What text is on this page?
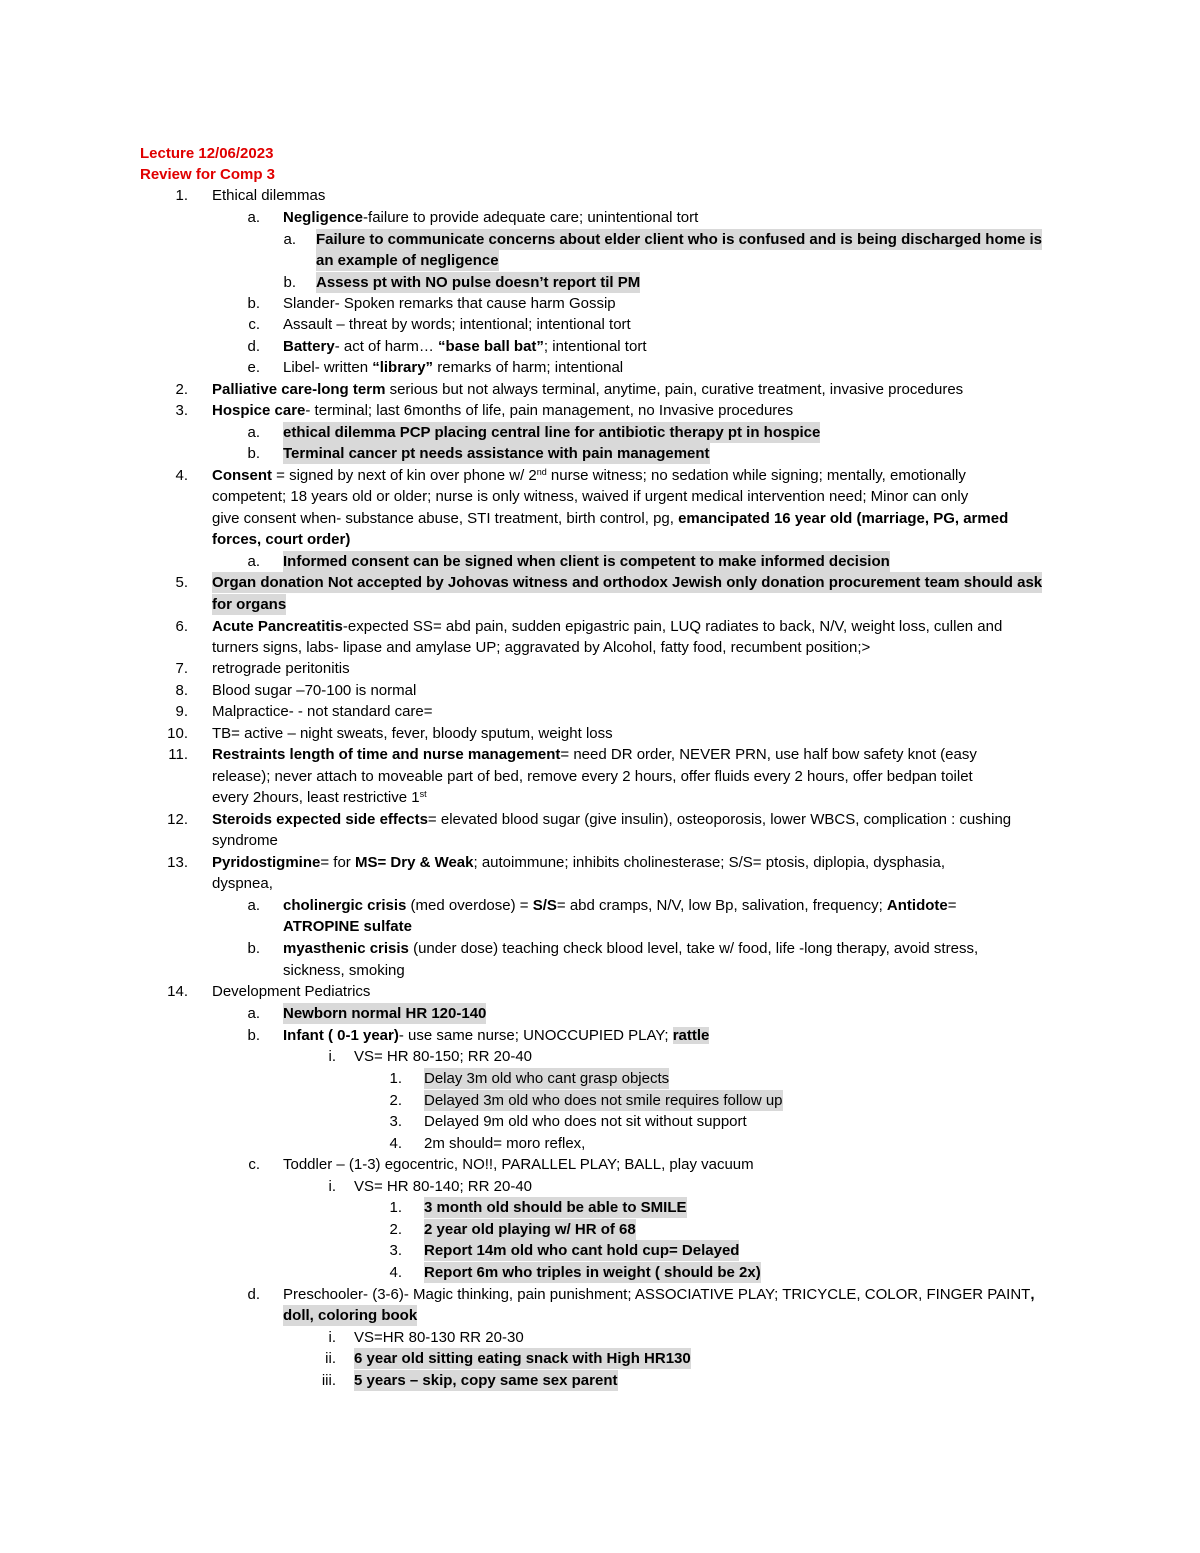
Lecture 12/06/2023
Review for Comp 3
1. Ethical dilemmas
a. Negligence-failure to provide adequate care; unintentional tort
a. Failure to communicate concerns about elder client who is confused and is being discharged home is
an example of negligence
b. Assess pt with NO pulse doesn’t report til PM
b. Slander- Spoken remarks that cause harm Gossip
c. Assault – threat by words; intentional; intentional tort
d. Battery- act of harm… “base ball bat”; intentional tort
e. Libel- written “library” remarks of harm; intentional
2. Palliative care-long term serious but not always terminal, anytime, pain, curative treatment, invasive procedures
3. Hospice care- terminal; last 6months of life, pain management, no Invasive procedures
a. ethical dilemma PCP placing central line for antibiotic therapy pt in hospice
b. Terminal cancer pt needs assistance with pain management
4. Consent = signed by next of kin over phone w/ 2nd nurse witness; no sedation while signing; mentally, emotionally
competent; 18 years old or older; nurse is only witness, waived if urgent medical intervention need; Minor can only
give consent when- substance abuse, STI treatment, birth control, pg, emancipated 16 year old (marriage, PG, armed
forces, court order)
a. Informed consent can be signed when client is competent to make informed decision
5. Organ donation Not accepted by Johovas witness and orthodox Jewish only donation procurement team should ask
for organs
6. Acute Pancreatitis-expected SS= abd pain, sudden epigastric pain, LUQ radiates to back, N/V, weight loss, cullen and
turners signs, labs- lipase and amylase UP; aggravated by Alcohol, fatty food, recumbent position;>
7. retrograde peritonitis
8. Blood sugar –70-100 is normal
9. Malpractice- - not standard care=
10. TB= active – night sweats, fever, bloody sputum, weight loss
11. Restraints length of time and nurse management= need DR order, NEVER PRN, use half bow safety knot (easy
release); never attach to moveable part of bed, remove every 2 hours, offer fluids every 2 hours, offer bedpan toilet
every 2hours, least restrictive 1st
12. Steroids expected side effects= elevated blood sugar (give insulin), osteoporosis, lower WBCS, complication : cushing
syndrome
13. Pyridostigmine= for MS= Dry & Weak; autoimmune; inhibits cholinesterase; S/S= ptosis, diplopia, dysphasia,
dyspnea,
a. cholinergic crisis (med overdose) = S/S= abd cramps, N/V, low Bp, salivation, frequency; Antidote=
ATROPINE sulfate
b. myasthenic crisis (under dose) teaching check blood level, take w/ food, life -long therapy, avoid stress,
sickness, smoking
14. Development Pediatrics
a. Newborn normal HR 120-140
b. Infant ( 0-1 year)- use same nurse; UNOCCUPIED PLAY; rattle
i. VS= HR 80-150; RR 20-40
1. Delay 3m old who cant grasp objects
2. Delayed 3m old who does not smile requires follow up
3. Delayed 9m old who does not sit without support
4. 2m should= moro reflex,
c. Toddler – (1-3) egocentric, NO!!, PARALLEL PLAY; BALL, play vacuum
i. VS= HR 80-140; RR 20-40
1. 3 month old should be able to SMILE
2. 2 year old playing w/ HR of 68
3. Report 14m old who cant hold cup= Delayed
4. Report 6m who triples in weight ( should be 2x)
d. Preschooler- (3-6)- Magic thinking, pain punishment; ASSOCIATIVE PLAY; TRICYCLE, COLOR, FINGER PAINT,
doll, coloring book
i. VS=HR 80-130 RR 20-30
ii. 6 year old sitting eating snack with High HR130
iii. 5 years – skip, copy same sex parent
